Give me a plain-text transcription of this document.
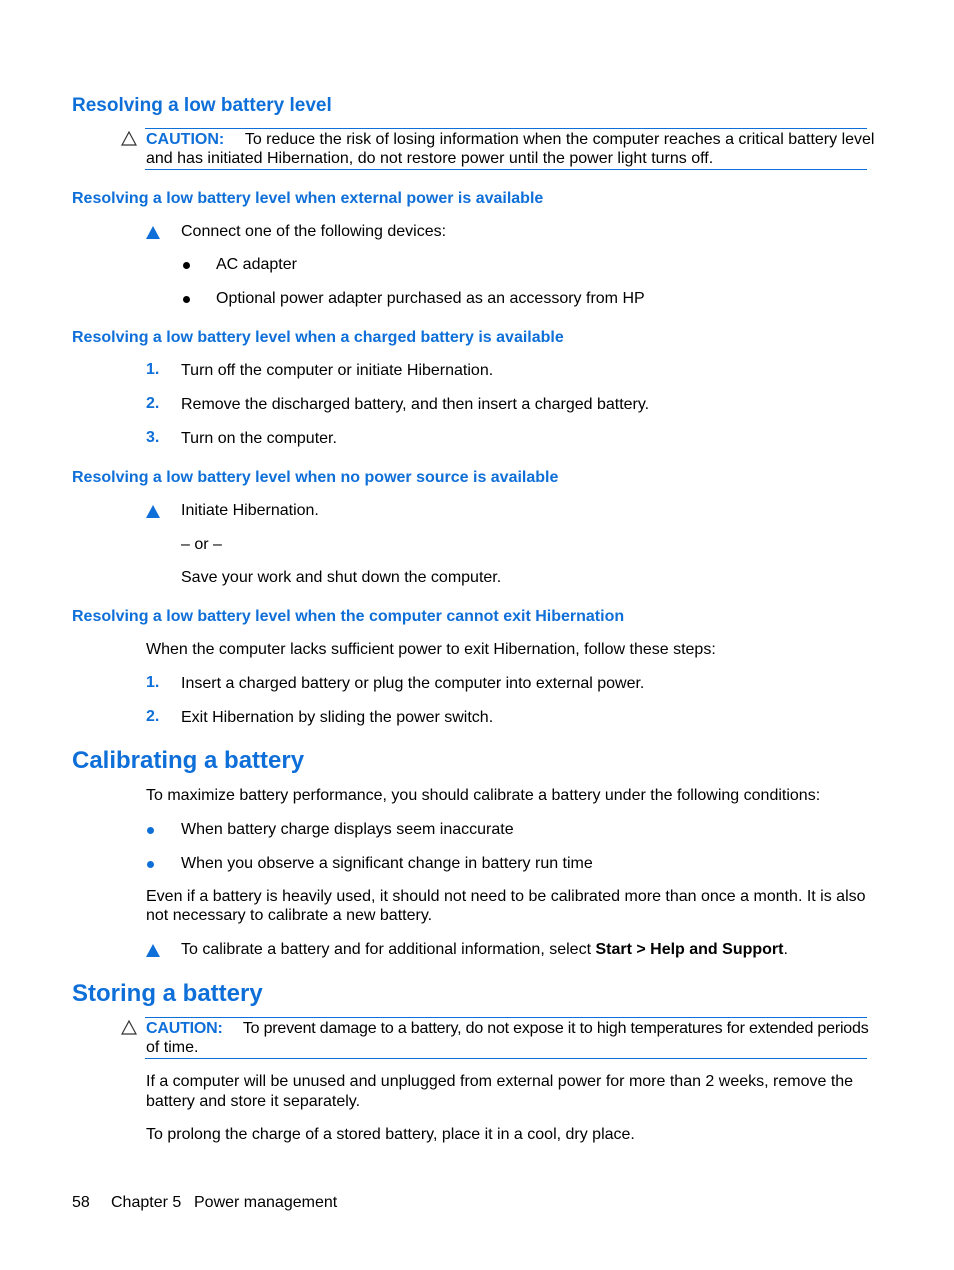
Resolving a low battery level
CAUTION: To reduce the risk of losing information when the computer reaches a critical battery level
and has initiated Hibernation, do not restore power until the power light turns off.
Resolving a low battery level when external power is available
Connect one of the following devices:
AC adapter
Optional power adapter purchased as an accessory from HP
Resolving a low battery level when a charged battery is available
1. Turn off the computer or initiate Hibernation.
2. Remove the discharged battery, and then insert a charged battery.
3. Turn on the computer.
Resolving a low battery level when no power source is available
Initiate Hibernation.
– or –
Save your work and shut down the computer.
Resolving a low battery level when the computer cannot exit Hibernation
When the computer lacks sufficient power to exit Hibernation, follow these steps:
1. Insert a charged battery or plug the computer into external power.
2. Exit Hibernation by sliding the power switch.
Calibrating a battery
To maximize battery performance, you should calibrate a battery under the following conditions:
When battery charge displays seem inaccurate
When you observe a significant change in battery run time
Even if a battery is heavily used, it should not need to be calibrated more than once a month. It is also
not necessary to calibrate a new battery.
To calibrate a battery and for additional information, select Start > Help and Support.
Storing a battery
CAUTION: To prevent damage to a battery, do not expose it to high temperatures for extended periods
of time.
If a computer will be unused and unplugged from external power for more than 2 weeks, remove the
battery and store it separately.
To prolong the charge of a stored battery, place it in a cool, dry place.
58 Chapter 5 Power management
